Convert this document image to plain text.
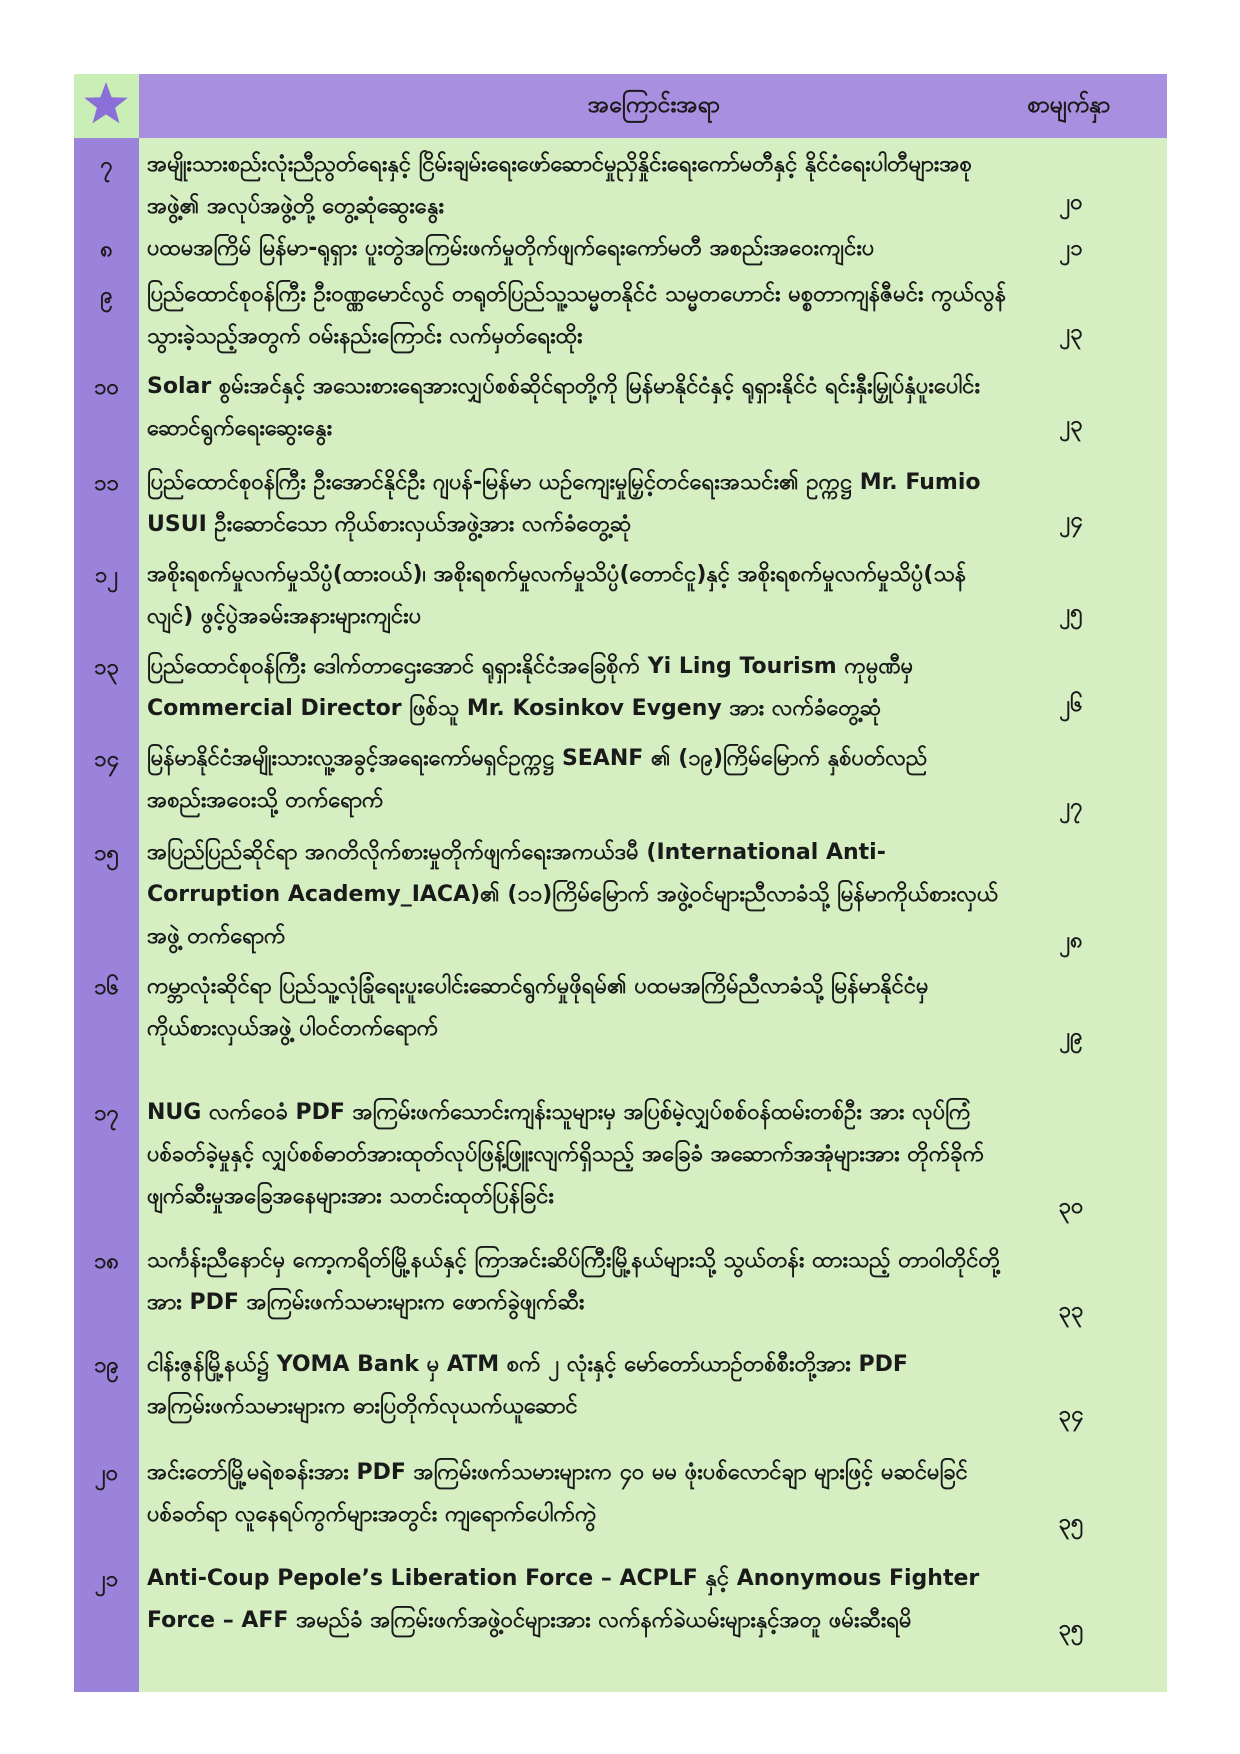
အကြောင်းအရာ	စာမျက်နှာ
၇	အမျိုးသားစည်းလုံးညီညွတ်ရေးနှင့် ငြိမ်းချမ်းရေးဖော်ဆောင်မှုညှိနှိုင်းရေးကော်မတီနှင့် နိုင်ငံရေးပါတီများအစုအဖွဲ့၏ အလုပ်အဖွဲ့တို့ တွေ့ဆုံဆွေးနွေး	၂၀
၈	ပထမအကြိမ် မြန်မာ-ရုရှား ပူးတွဲအကြမ်းဖက်မှုတိုက်ဖျက်ရေးကော်မတီ အစည်းအဝေးကျင်းပ	၂၁
၉	ပြည်ထောင်စုဝန်ကြီး ဦးဝဏ္ဏမောင်လွင် တရုတ်ပြည်သူ့သမ္မတနိုင်ငံ သမ္မတဟောင်း မစ္စတာကျန်ဇီမင်း ကွယ်လွန်သွားခဲ့သည့်အတွက် ဝမ်းနည်းကြောင်း လက်မှတ်ရေးထိုး	၂၃
၁၀	Solar စွမ်းအင်နှင့် အသေးစားရေအားလျှပ်စစ်ဆိုင်ရာတို့ကို မြန်မာနိုင်ငံနှင့် ရုရှားနိုင်ငံ ရင်းနှီးမြှုပ်နှံပူးပေါင်းဆောင်ရွက်ရေးဆွေးနွေး	၂၃
၁၁	ပြည်ထောင်စုဝန်ကြီး ဦးအောင်နိုင်ဦး ဂျပန်-မြန်မာ ယဉ်ကျေးမှုမြှင့်တင်ရေးအသင်း၏ ဥက္ကဋ္ဌ Mr. Fumio USUI ဦးဆောင်သော ကိုယ်စားလှယ်အဖွဲ့အား လက်ခံတွေ့ဆုံ	၂၄
၁၂	အစိုးရစက်မှုလက်မှုသိပ္ပံ(ထားဝယ်)၊ အစိုးရစက်မှုလက်မှုသိပ္ပံ(တောင်ငူ)နှင့် အစိုးရစက်မှုလက်မှုသိပ္ပံ(သန်လျင်) ဖွင့်ပွဲအခမ်းအနားများကျင်းပ	၂၅
၁၃	ပြည်ထောင်စုဝန်ကြီး ဒေါက်တာဌေးအောင် ရုရှားနိုင်ငံအခြေစိုက် Yi Ling Tourism ကုမ္ပဏီမှ Commercial Director ဖြစ်သူ Mr. Kosinkov Evgeny အား လက်ခံတွေ့ဆုံ	၂၆
၁၄	မြန်မာနိုင်ငံအမျိုးသားလူ့အခွင့်အရေးကော်မရှင်ဥက္ကဋ္ဌ SEANF ၏ (၁၉)ကြိမ်မြောက် နှစ်ပတ်လည်အစည်းအဝေးသို့ တက်ရောက်	၂၇
၁၅	အပြည်ပြည်ဆိုင်ရာ အဂတိလိုက်စားမှုတိုက်ဖျက်ရေးအကယ်ဒမီ (International Anti-Corruption Academy_IACA)၏ (၁၁)ကြိမ်မြောက် အဖွဲ့ဝင်များညီလာခံသို့ မြန်မာကိုယ်စားလှယ်အဖွဲ့ တက်ရောက်	၂၈
၁၆	ကမ္ဘာလုံးဆိုင်ရာ ပြည်သူ့လုံခြုံရေးပူးပေါင်းဆောင်ရွက်မှုဖိုရမ်၏ ပထမအကြိမ်ညီလာခံသို့ မြန်မာနိုင်ငံမှ ကိုယ်စားလှယ်အဖွဲ့ ပါဝင်တက်ရောက်	၂၉
၁၇	NUG လက်ဝေခံ PDF အကြမ်းဖက်သောင်းကျန်းသူများမှ အပြစ်မဲ့လျှပ်စစ်ဝန်ထမ်းတစ်ဦး အား လုပ်ကြံပစ်ခတ်ခဲ့မှုနှင့် လျှပ်စစ်ဓာတ်အားထုတ်လုပ်ဖြန့်ဖြူးလျက်ရှိသည့် အခြေခံ အဆောက်အအုံများအား တိုက်ခိုက်ဖျက်ဆီးမှုအခြေအနေများအား သတင်းထုတ်ပြန်ခြင်း	၃၀
၁၈	သင်္ကန်းညီနောင်မှ ကော့ကရိတ်မြို့နယ်နှင့် ကြာအင်းဆိပ်ကြီးမြို့နယ်များသို့ သွယ်တန်း ထားသည့် တာဝါတိုင်တို့အား PDF အကြမ်းဖက်သမားများက ဖောက်ခွဲဖျက်ဆီး	၃၃
၁၉	ငါန်းဇွန်မြို့နယ်၌ YOMA Bank မှ ATM စက် ၂ လုံးနှင့် မော်တော်ယာဉ်တစ်စီးတို့အား PDF အကြမ်းဖက်သမားများက ဓားပြတိုက်လုယက်ယူဆောင်	၃၄
၂၀	အင်းတော်မြို့မရဲစခန်းအား PDF အကြမ်းဖက်သမားများက ၄၀ မမ ဖုံးပစ်လောင်ချာ များဖြင့် မဆင်မခြင်ပစ်ခတ်ရာ လူနေရပ်ကွက်များအတွင်း ကျရောက်ပေါက်ကွဲ	၃၅
၂၁	Anti-Coup Pepole’s Liberation Force – ACPLF နှင့် Anonymous Fighter Force – AFF အမည်ခံ အကြမ်းဖက်အဖွဲ့ဝင်များအား လက်နက်ခဲယမ်းများနှင့်အတူ ဖမ်းဆီးရမိ	၃၅
